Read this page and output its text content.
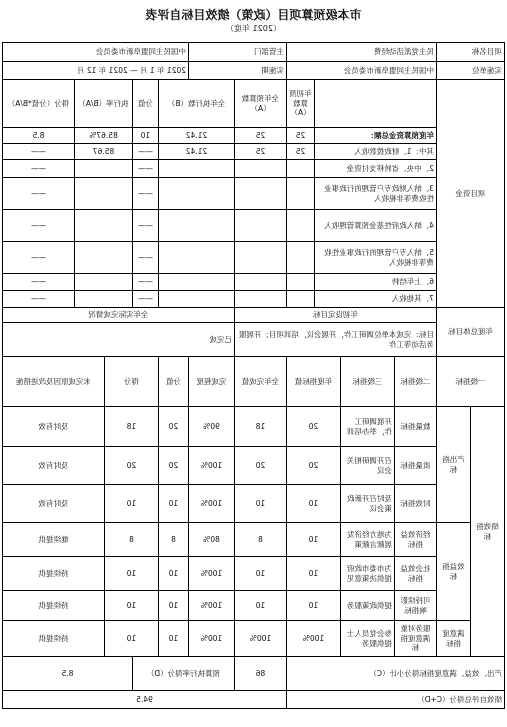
市本级预算项目（政策）绩效目标自评表
（2021 年度）
项目名称		民主党派活动经费				主管部门		中国民主同盟阜新市委员会				
实施单位		中国民主同盟阜新市委员会				实施期		2021 年 1 月 — 2021 年 12 月				
项目资金					年初预算数（A）	全年预算数（A）	全年执行数（B）		分值	执行率（B/A）		得分（分值*B/A）
		年度预算资金总额：			25	25	21.42		10	85.67%		8.5
		其中：1、财政拨款收入			25	25	21.42		——	85.67		——
		2、中央、省转移支付资金							——			——
		3、纳入财政专户管理的行政事业性收费等非税收入							——			——
		4、纳入政府性基金预算管理收入							——			——
		5、纳入专户管理的行政事业性收费等非税收入							——			——
		6、上年结转							——			——
		7、其他收入							——			——
年度总体目标		年初设定目标					全年实际完成情况					
		目标：完成本单位调研工作，开展会议，培训项目；开展服务活动等工作					已完成					
一级指标		二级指标	三级指标	年度指标值		全年完成值	完成程度	分值	得分		未完成原因及改进措施	
绩效指标	产出指标	数量指标	开展调研工作，举办培训	20		18	90%	20	18		及时有效	
		质量指标	召开调研相关会议	20		20	100%	20	20		及时有效	
		时效指标	及时召开新政策会议	10		10	100%	10	10		及时有效	
	效益指标	经济效益指标	为地方经济发展献言献策	10		8	80%	8	8		继续提供	
		社会效益指标	为市委市政府提供决策意见	10		10	100%	10	10		持续提供	
		可持续影响指标	提供政策服务	10		10	100%	10	10		持续提供	
	满意度指标	服务对象满意度指标	参会党员人士提供服务	100%		100%	100%	10	10		持续提供	
产出、效益、满意度指标得分小计（C）						86	预算执行率得分（D）			8.5		
绩效自评总得分（C+D）						94.5						
